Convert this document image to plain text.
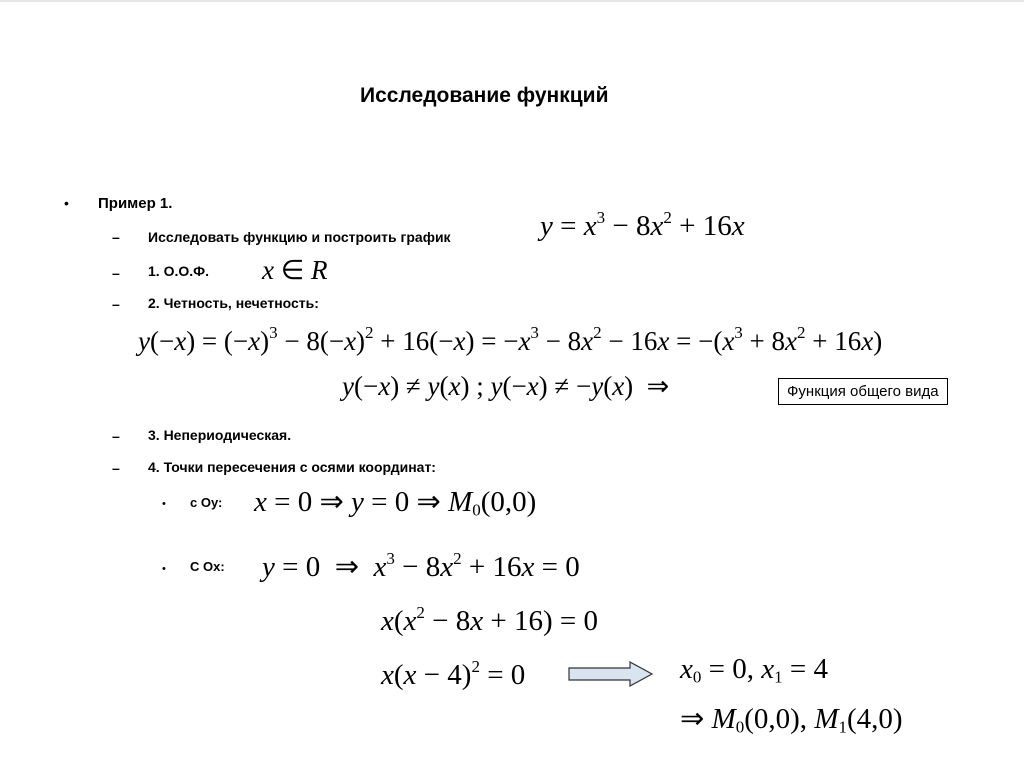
Исследование функций
• Пример 1.
– Исследовать функцию и построить график	$y = x^3 - 8x^2 + 16x$
– 1. О.О.Ф. x ∈ R
– 2. Четность, нечетность:
$y(-x) = (-x)^3 - 8(-x)^2 + 16(-x) = -x^3 - 8x^2 - 16x = -(x^3 + 8x^2 + 16x)$
y(−x) ≠ y(x) ; y(−x) ≠ −y(x)  ⇒	Функция общего вида
– 3. Непериодическая.
– 4. Точки пересечения с осями координат:
• с Оу: x = 0 ⇒ y = 0 ⇒ $M_0(0,0)$
• С Ох: y = 0  ⇒  $x^3 - 8x^2 + 16x = 0$
$x(x^2 - 8x + 16) = 0$
$x(x - 4)^2 = 0$	$x_0 = 0$, $x_1 = 4$
⇒ $M_0(0,0)$, $M_1(4,0)$
